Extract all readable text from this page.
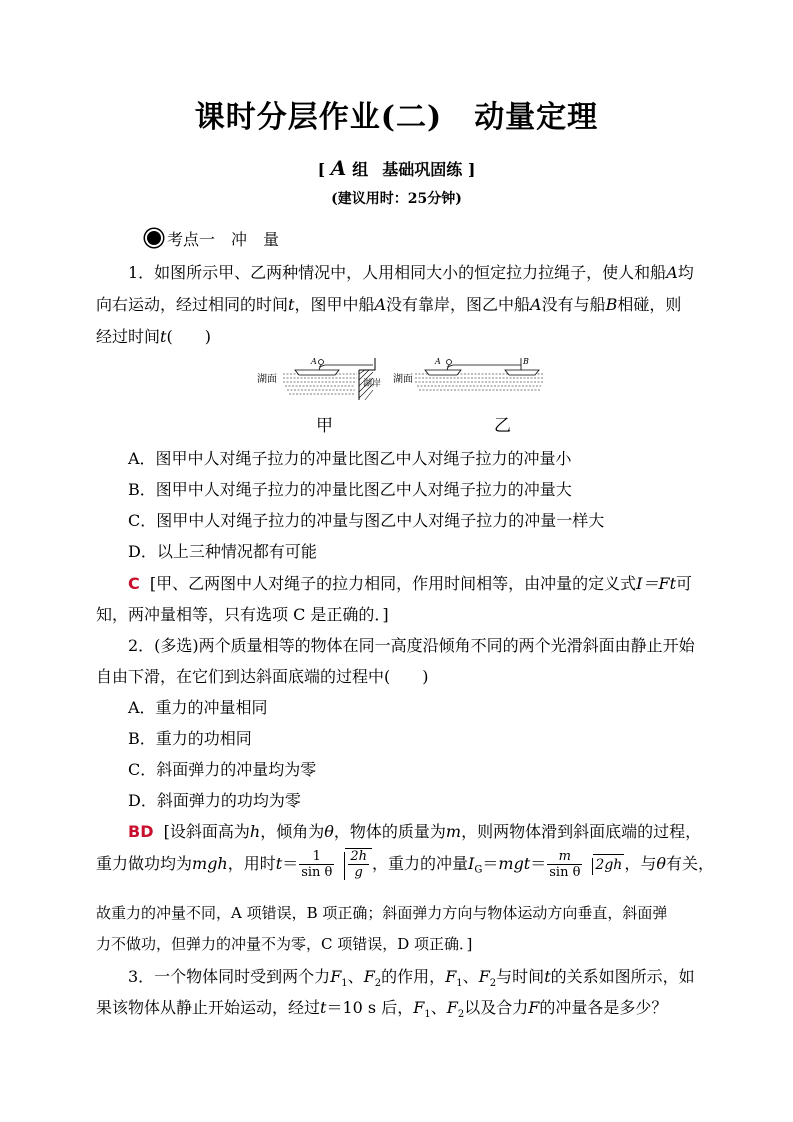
课时分层作业(二) 动量定理
[ A 组 基础巩固练 ]
(建议用时：25分钟)
考点一　冲　量
1．如图所示甲、乙两种情况中，人用相同大小的恒定拉力拉绳子，使人和船A均
向右运动，经过相同的时间t，图甲中船A没有靠岸，图乙中船A没有与船B相碰，则
经过时间t(　　)
湖面
A
湖岸 湖面
A	B
甲	乙
A．图甲中人对绳子拉力的冲量比图乙中人对绳子拉力的冲量小
B．图甲中人对绳子拉力的冲量比图乙中人对绳子拉力的冲量大
C．图甲中人对绳子拉力的冲量与图乙中人对绳子拉力的冲量一样大
D．以上三种情况都有可能
C [甲、乙两图中人对绳子的拉力相同，作用时间相等，由冲量的定义式I＝Ft可
知，两冲量相等，只有选项 C 是正确的．]
2．(多选)两个质量相等的物体在同一高度沿倾角不同的两个光滑斜面由静止开始
自由下滑，在它们到达斜面底端的过程中(　　)
A．重力的冲量相同
B．重力的功相同
C．斜面弹力的冲量均为零
D．斜面弹力的功均为零
BD [设斜面高为h，倾角为θ，物体的质量为m，则两物体滑到斜面底端的过程，
重力做功均为mgh，用时$t= \frac{1}{\text{sin θ}} \frac{2h}{g}$ ，重力的冲量$I_G=mgt= \frac{m}{\text{sin θ}} 2gh$ ，与θ有关，
故重力的冲量不同，A 项错误，B 项正确；斜面弹力方向与物体运动方向垂直，斜面弹
力不做功，但弹力的冲量不为零，C 项错误，D 项正确．]
3．一个物体同时受到两个力$F_1$、$F_2$的作用，$F_1$、$F_2$与时间t的关系如图所示，如
果该物体从静止开始运动，经过t＝10 s 后，$F_1$、$F_2$以及合力F的冲量各是多少？
